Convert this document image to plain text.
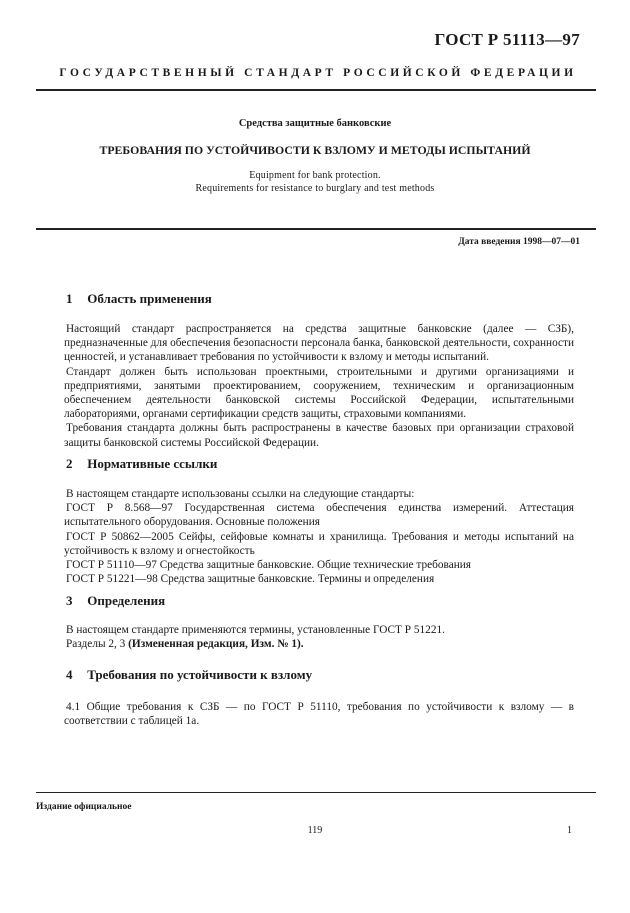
ГОСТ Р 51113—97
ГОСУДАРСТВЕННЫЙ СТАНДАРТ РОССИЙСКОЙ ФЕДЕРАЦИИ
Средства защитные банковские
ТРЕБОВАНИЯ ПО УСТОЙЧИВОСТИ К ВЗЛОМУ И МЕТОДЫ ИСПЫТАНИЙ
Equipment for bank protection.
Requirements for resistance to burglary and test methods
Дата введения 1998—07—01
1 Область применения

Настоящий стандарт распространяется на средства защитные банковские (далее — СЗБ), предназначенные для обеспечения безопасности персонала банка, банковской деятельности, сохранности ценностей, и устанавливает требования по устойчивости к взлому и методы испытаний.

Стандарт должен быть использован проектными, строительными и другими организациями и предприятиями, занятыми проектированием, сооружением, техническим и организационным обеспечением деятельности банковской системы Российской Федерации, испытательными лабораториями, органами сертификации средств защиты, страховыми компаниями.

Требования стандарта должны быть распространены в качестве базовых при организации страховой защиты банковской системы Российской Федерации.

2 Нормативные ссылки

В настоящем стандарте использованы ссылки на следующие стандарты:

ГОСТ Р 8.568—97 Государственная система обеспечения единства измерений. Аттестация испытательного оборудования. Основные положения

ГОСТ Р 50862—2005 Сейфы, сейфовые комнаты и хранилища. Требования и методы испытаний на устойчивость к взлому и огнестойкость

ГОСТ Р 51110—97 Средства защитные банковские. Общие технические требования

ГОСТ Р 51221—98 Средства защитные банковские. Термины и определения

3 Определения

В настоящем стандарте применяются термины, установленные ГОСТ Р 51221.

Разделы 2, 3 (Измененная редакция, Изм. № 1).

4 Требования по устойчивости к взлому

4.1 Общие требования к СЗБ — по ГОСТ Р 51110, требования по устойчивости к взлому — в соответствии с таблицей 1а.

Издание официальное
119	1
